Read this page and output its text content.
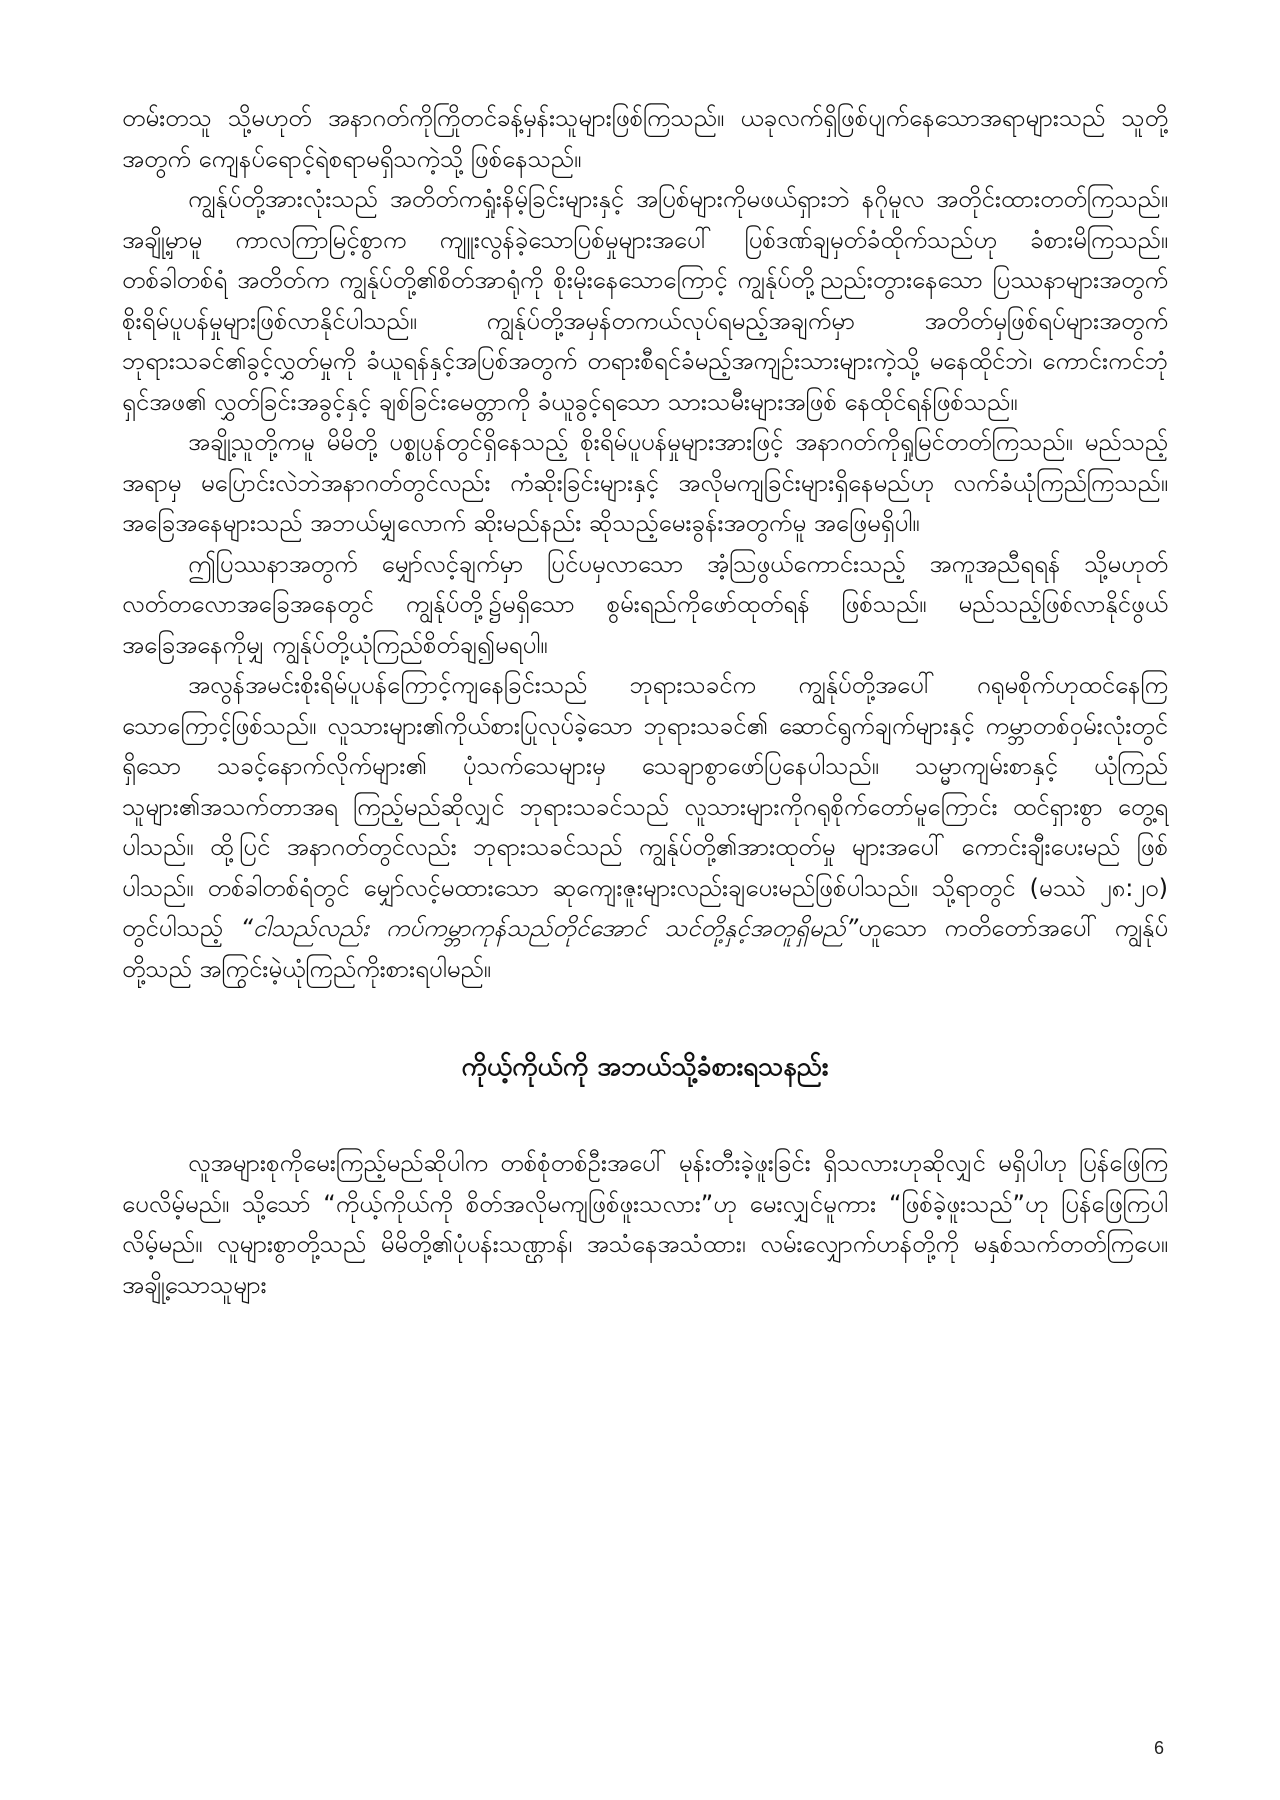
တမ်းတသူ သို့မဟုတ် အနာဂတ်ကိုကြိုတင်ခန့်မှန်းသူများဖြစ်ကြသည်။ ယခုလက်ရှိဖြစ်ပျက်နေသောအရာများသည် သူတို့အတွက် ကျေနပ်ရောင့်ရဲစရာမရှိသကဲ့သို့ ဖြစ်နေသည်။

ကျွန်ုပ်တို့အားလုံးသည် အတိတ်ကရှုံးနိမ့်ခြင်းများနှင့် အပြစ်များကိုမဖယ်ရှားဘဲ နဂိုမူလ အတိုင်းထားတတ်ကြသည်။ အချို့မှာမူ ကာလကြာမြင့်စွာက ကျူးလွန်ခဲ့သောပြစ်မှုများအပေါ် ပြစ်ဒဏ်ချမှတ်ခံထိုက်သည်ဟု ခံစားမိကြသည်။ တစ်ခါတစ်ရံ အတိတ်က ကျွန်ုပ်တို့၏စိတ်အာရုံကို စိုးမိုးနေသောကြောင့် ကျွန်ုပ်တို့ညည်းတွားနေသော ပြဿနာများအတွက် စိုးရိမ်ပူပန်မှုများဖြစ်လာနိုင်ပါသည်။ ကျွန်ုပ်တို့အမှန်တကယ်လုပ်ရမည့်အချက်မှာ အတိတ်မှဖြစ်ရပ်များအတွက် ဘုရားသခင်၏ခွင့်လွှတ်မှုကို ခံယူရန်နှင့်အပြစ်အတွက် တရားစီရင်ခံမည့်အကျဉ်းသားများကဲ့သို့ မနေထိုင်ဘဲ၊ ကောင်းကင်ဘုံရှင်အဖ၏ လွှတ်ခြင်းအခွင့်နှင့် ချစ်ခြင်းမေတ္တာကို ခံယူခွင့်ရသော သားသမီးများအဖြစ် နေထိုင်ရန်ဖြစ်သည်။

အချို့သူတို့ကမူ မိမိတို့ ပစ္စုပ္ပန်တွင်ရှိနေသည့် စိုးရိမ်ပူပန်မှုများအားဖြင့် အနာဂတ်ကိုရှုမြင်တတ်ကြသည်။ မည်သည့်အရာမှ မပြောင်းလဲဘဲအနာဂတ်တွင်လည်း ကံဆိုးခြင်းများနှင့် အလိုမကျခြင်းများရှိနေမည်ဟု လက်ခံယုံကြည်ကြသည်။ အခြေအနေများသည် အဘယ်မျှလောက် ဆိုးမည်နည်း ဆိုသည့်မေးခွန်းအတွက်မူ အဖြေမရှိပါ။

ဤပြဿနာအတွက် မျှော်လင့်ချက်မှာ ပြင်ပမှလာသော အံ့သြဖွယ်ကောင်းသည့် အကူအညီရရန် သို့မဟုတ် လတ်တလောအခြေအနေတွင် ကျွန်ုပ်တို့၌မရှိသော စွမ်းရည်ကိုဖော်ထုတ်ရန် ဖြစ်သည်။ မည်သည့်ဖြစ်လာနိုင်ဖွယ်အခြေအနေကိုမျှ ကျွန်ုပ်တို့ယုံကြည်စိတ်ချ၍မရပါ။

အလွန်အမင်းစိုးရိမ်ပူပန်ကြောင့်ကျနေခြင်းသည် ဘုရားသခင်က ကျွန်ုပ်တို့အပေါ် ဂရုမစိုက်ဟုထင်နေကြသောကြောင့်ဖြစ်သည်။ လူသားများ၏ကိုယ်စားပြုလုပ်ခဲ့သော ဘုရားသခင်၏ ဆောင်ရွက်ချက်များနှင့် ကမ္ဘာတစ်ဝှမ်းလုံးတွင်ရှိသော သခင့်နောက်လိုက်များ၏ ပုံသက်သေများမှ သေချာစွာဖော်ပြနေပါသည်။ သမ္မာကျမ်းစာနှင့် ယုံကြည်သူများ၏အသက်တာအရ ကြည့်မည်ဆိုလျှင် ဘုရားသခင်သည် လူသားများကိုဂရုစိုက်တော်မူကြောင်း ထင်ရှားစွာ တွေ့ရပါသည်။ ထို့ပြင် အနာဂတ်တွင်လည်း ဘုရားသခင်သည် ကျွန်ုပ်တို့၏အားထုတ်မှု များအပေါ် ကောင်းချီးပေးမည် ဖြစ်ပါသည်။ တစ်ခါတစ်ရံတွင် မျှော်လင့်မထားသော ဆုကျေးဇူးများလည်းချပေးမည်ဖြစ်ပါသည်။ သို့ရာတွင် (မဿဲ ၂၈:၂၀) တွင်ပါသည့် “ငါသည်လည်း ကပ်ကမ္ဘာကုန်သည်တိုင်အောင် သင်တို့နှင့်အတူရှိမည်”ဟူသော ကတိတော်အပေါ် ကျွန်ုပ်တို့သည် အကြွင်းမဲ့ယုံကြည်ကိုးစားရပါမည်။

ကိုယ့်ကိုယ်ကို အဘယ်သို့ခံစားရသနည်း

လူအများစုကိုမေးကြည့်မည်ဆိုပါက တစ်စုံတစ်ဦးအပေါ် မုန်းတီးခဲ့ဖူးခြင်း ရှိသလားဟုဆိုလျှင် မရှိပါဟု ပြန်ဖြေကြပေလိမ့်မည်။ သို့သော် “ကိုယ့်ကိုယ်ကို စိတ်အလိုမကျဖြစ်ဖူးသလား”ဟု မေးလျှင်မူကား “ဖြစ်ခဲ့ဖူးသည်”ဟု ပြန်ဖြေကြပါလိမ့်မည်။ လူများစွာတို့သည် မိမိတို့၏ပုံပန်းသဏ္ဌာန်၊ အသံနေအသံထား၊ လမ်းလျှောက်ဟန်တို့ကို မနှစ်သက်တတ်ကြပေ။ အချို့သောသူများ

6
